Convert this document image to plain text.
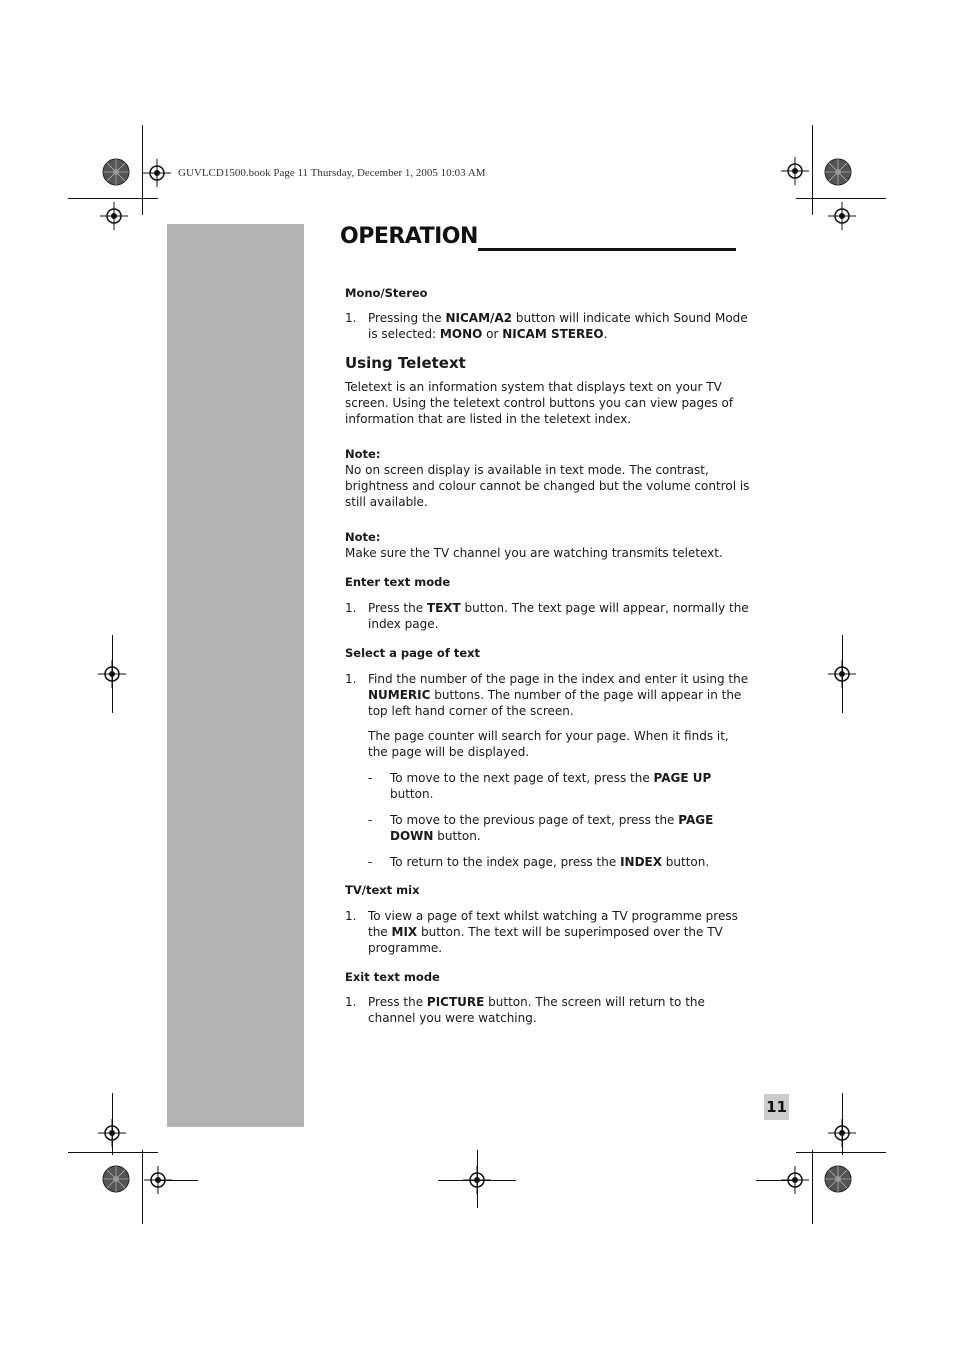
GUVLCD1500.book Page 11 Thursday, December 1, 2005 10:03 AM
OPERATION

Mono/Stereo

1. Pressing the NICAM/A2 button will indicate which Sound Mode is selected: MONO or NICAM STEREO.

Using Teletext

Teletext is an information system that displays text on your TV screen. Using the teletext control buttons you can view pages of information that are listed in the teletext index.

Note:

No on screen display is available in text mode. The contrast, brightness and colour cannot be changed but the volume control is still available.

Note:

Make sure the TV channel you are watching transmits teletext.

Enter text mode

1. Press the TEXT button. The text page will appear, normally the index page.

Select a page of text

1. Find the number of the page in the index and enter it using the NUMERIC buttons. The number of the page will appear in the top left hand corner of the screen.

The page counter will search for your page. When it finds it, the page will be displayed.

- To move to the next page of text, press the PAGE UP button.

- To move to the previous page of text, press the PAGE DOWN button.

- To return to the index page, press the INDEX button.

TV/text mix

1. To view a page of text whilst watching a TV programme press the MIX button. The text will be superimposed over the TV programme.

Exit text mode

1. Press the PICTURE button. The screen will return to the channel you were watching.

11
